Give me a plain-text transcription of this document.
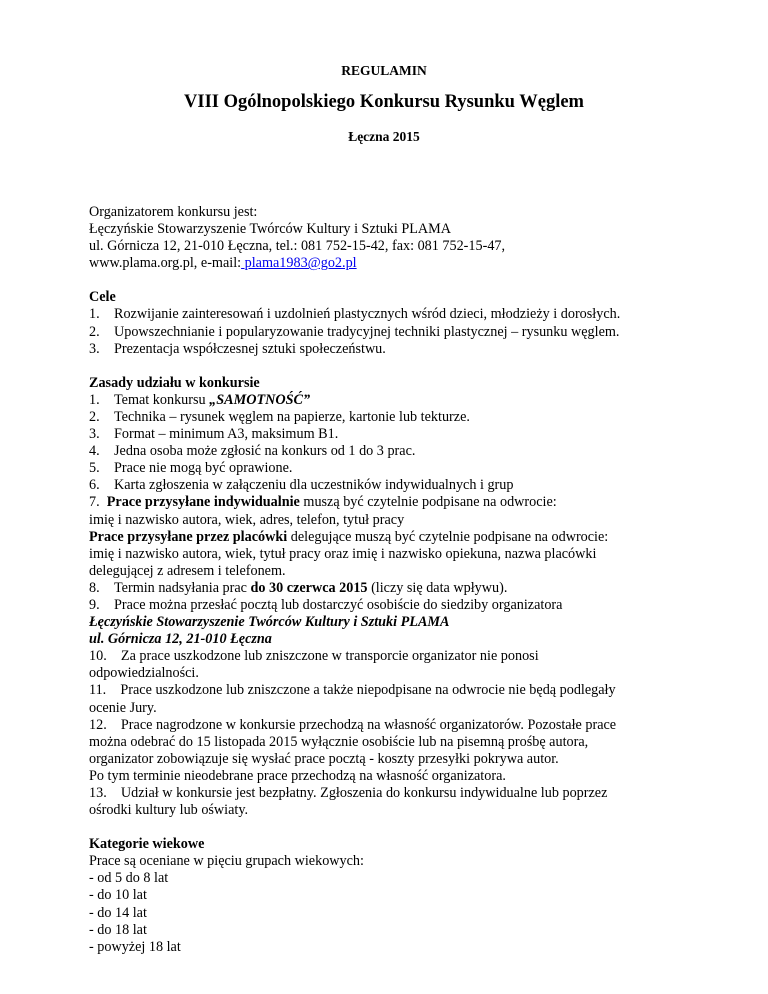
REGULAMIN
VIII Ogólnopolskiego Konkursu Rysunku Węglem
Łęczna 2015

Organizatorem konkursu jest:

Łęczyńskie Stowarzyszenie Twórców Kultury i Sztuki PLAMA

ul. Górnicza 12, 21-010 Łęczna, tel.: 081 752-15-42, fax: 081 752-15-47,

www.plama.org.pl, e-mail: plama1983@go2.pl

Cele

1. Rozwijanie zainteresowań i uzdolnień plastycznych wśród dzieci, młodzieży i dorosłych.

2. Upowszechnianie i popularyzowanie tradycyjnej techniki plastycznej – rysunku węglem.

3. Prezentacja współczesnej sztuki społeczeństwu.

Zasady udziału w konkursie

1. Temat konkursu „SAMOTNOŚĆ”

2. Technika – rysunek węglem na papierze, kartonie lub tekturze.

3. Format – minimum A3, maksimum B1.

4. Jedna osoba może zgłosić na konkurs od 1 do 3 prac.

5. Prace nie mogą być oprawione.

6. Karta zgłoszenia w załączeniu dla uczestników indywidualnych i grup

7. Prace przysyłane indywidualnie muszą być czytelnie podpisane na odwrocie:

imię i nazwisko autora, wiek, adres, telefon, tytuł pracy

Prace przysyłane przez placówki delegujące muszą być czytelnie podpisane na odwrocie:

imię i nazwisko autora, wiek, tytuł pracy oraz imię i nazwisko opiekuna, nazwa placówki

delegującej z adresem i telefonem.

8. Termin nadsyłania prac do 30 czerwca 2015 (liczy się data wpływu).

9. Prace można przesłać pocztą lub dostarczyć osobiście do siedziby organizatora

Łęczyńskie Stowarzyszenie Twórców Kultury i Sztuki PLAMA

ul. Górnicza 12, 21-010 Łęczna

10.    Za prace uszkodzone lub zniszczone w transporcie organizator nie ponosi

odpowiedzialności.

11.    Prace uszkodzone lub zniszczone a także niepodpisane na odwrocie nie będą podlegały

ocenie Jury.

12.    Prace nagrodzone w konkursie przechodzą na własność organizatorów. Pozostałe prace

można odebrać do 15 listopada 2015 wyłącznie osobiście lub na pisemną prośbę autora,

organizator zobowiązuje się wysłać prace pocztą - koszty przesyłki pokrywa autor.

Po tym terminie nieodebrane prace przechodzą na własność organizatora.

13.    Udział w konkursie jest bezpłatny. Zgłoszenia do konkursu indywidualne lub poprzez

ośrodki kultury lub oświaty.

Kategorie wiekowe

Prace są oceniane w pięciu grupach wiekowych:

- od 5 do 8 lat

- do 10 lat

- do 14 lat

- do 18 lat

- powyżej 18 lat
